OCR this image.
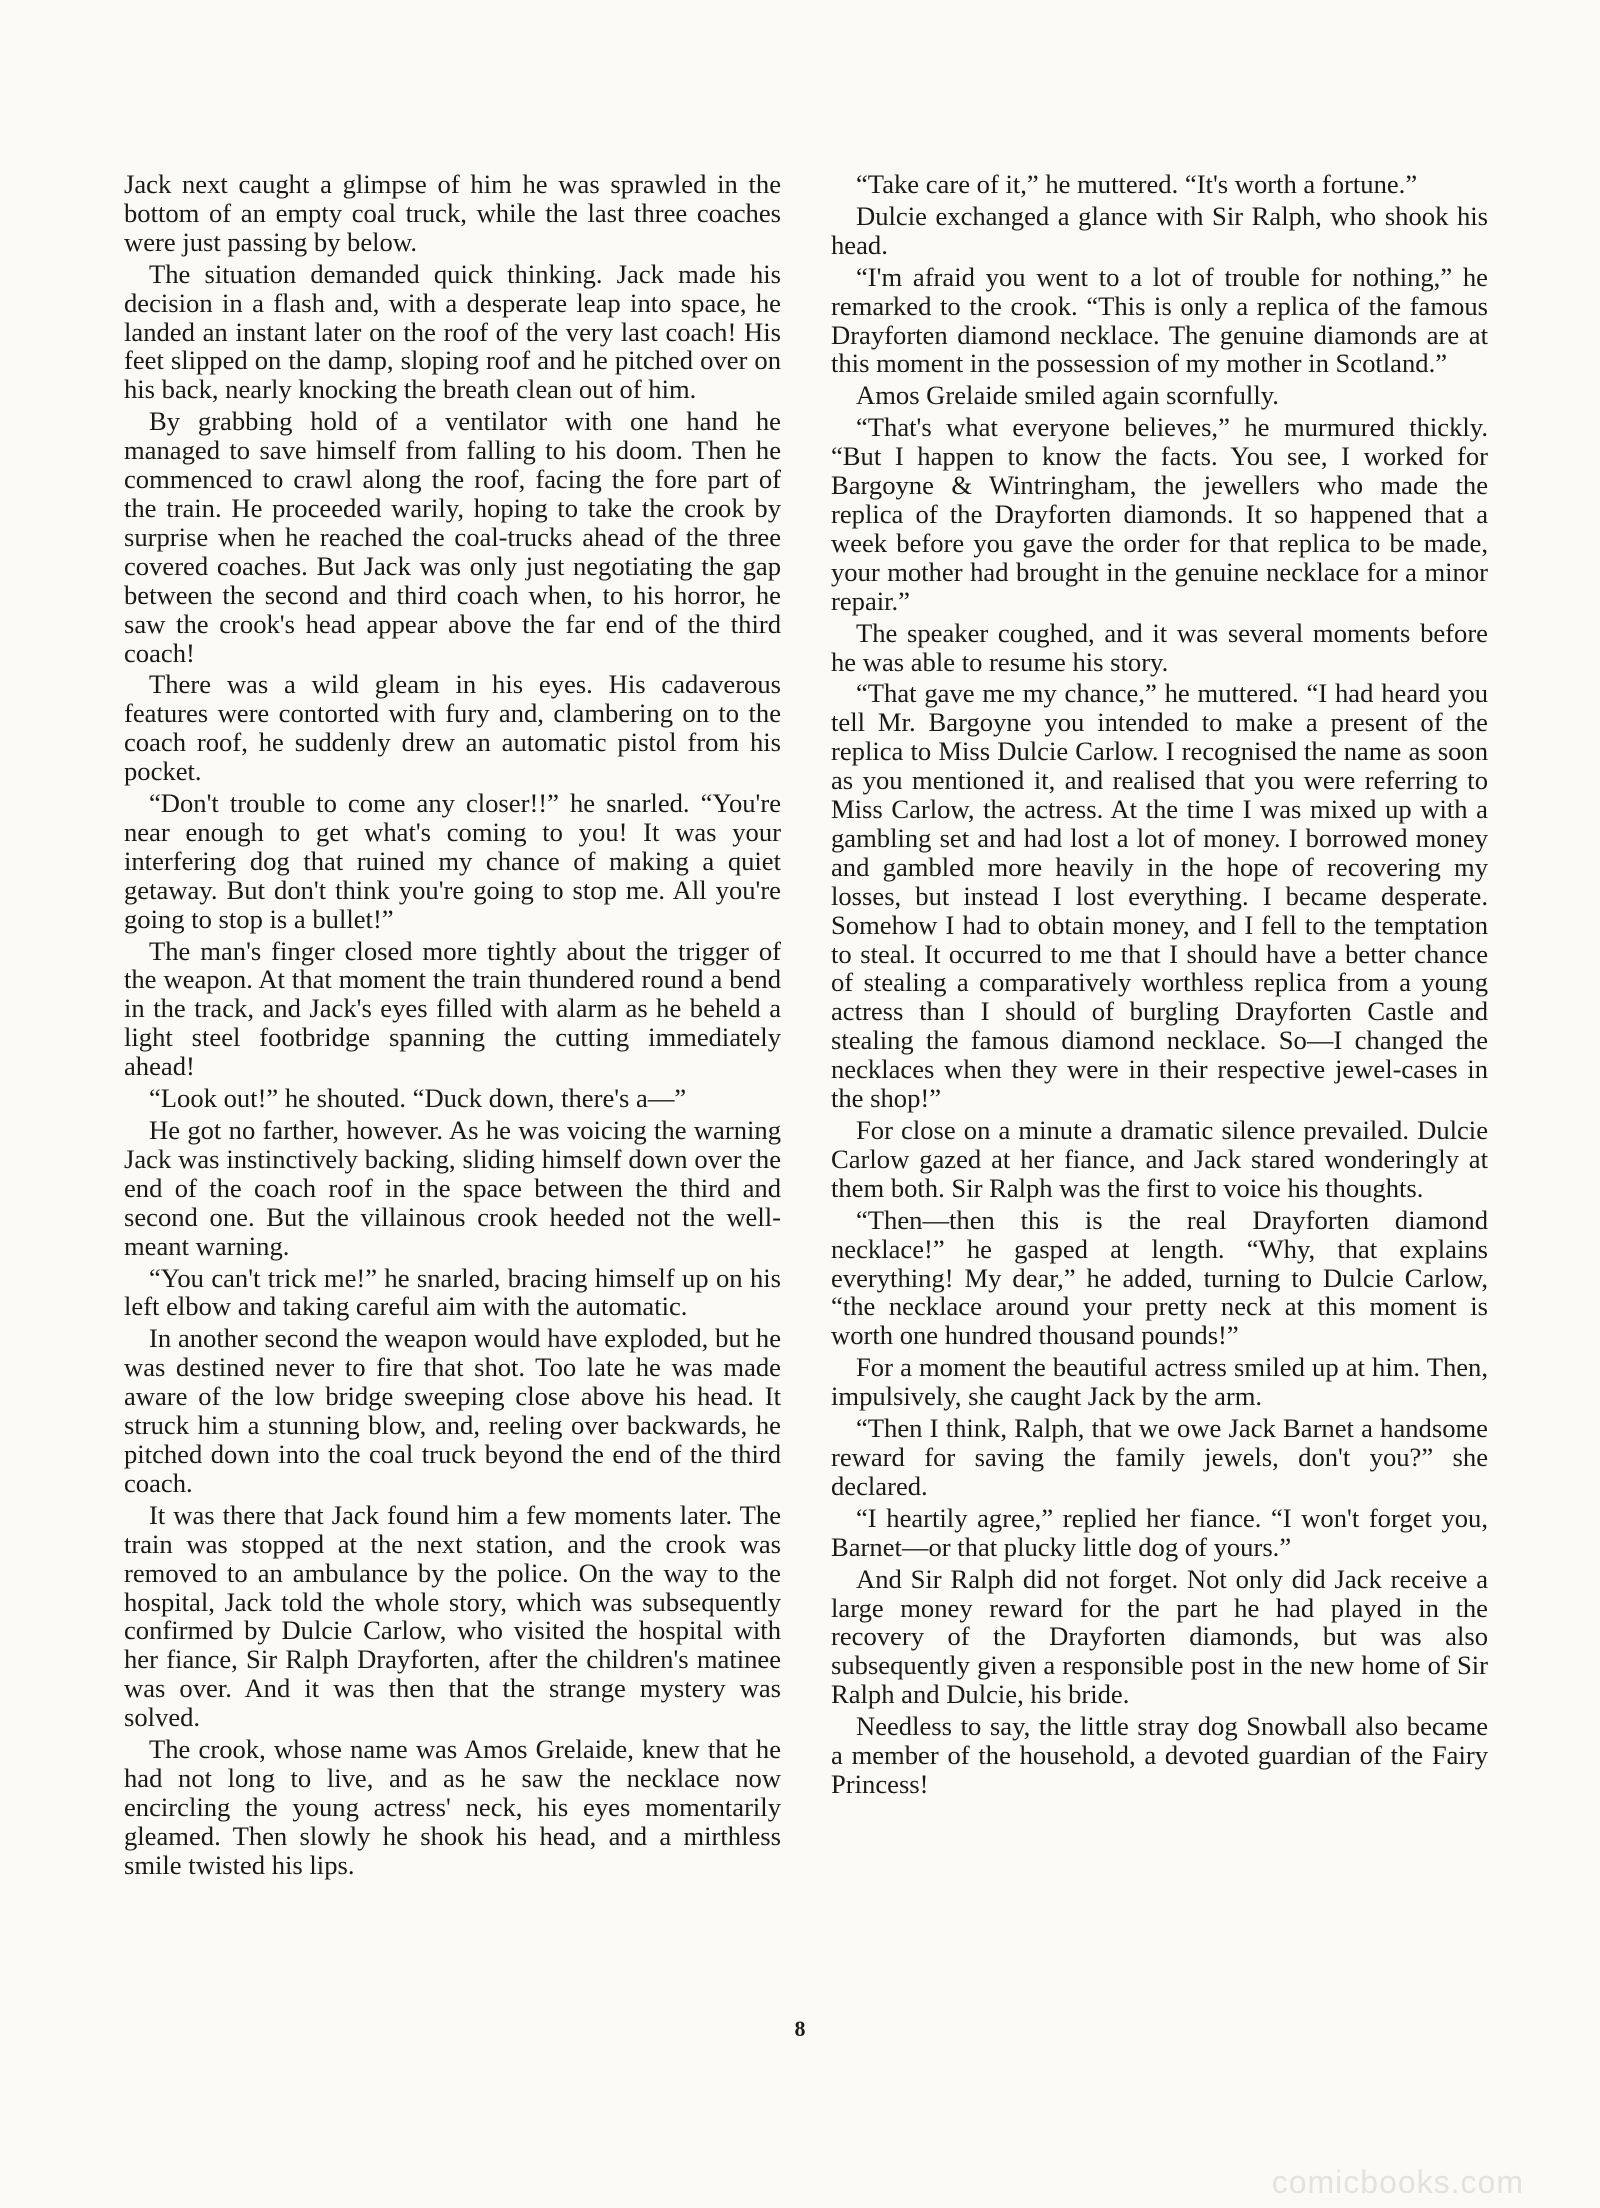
Jack next caught a glimpse of him he was sprawled in the bottom of an empty coal truck, while the last three coaches were just passing by below.

The situation demanded quick thinking. Jack made his decision in a flash and, with a desperate leap into space, he landed an instant later on the roof of the very last coach! His feet slipped on the damp, sloping roof and he pitched over on his back, nearly knocking the breath clean out of him.

By grabbing hold of a ventilator with one hand he managed to save himself from falling to his doom. Then he commenced to crawl along the roof, facing the fore part of the train. He proceeded warily, hoping to take the crook by surprise when he reached the coal-trucks ahead of the three covered coaches. But Jack was only just negotiating the gap between the second and third coach when, to his horror, he saw the crook's head appear above the far end of the third coach!

There was a wild gleam in his eyes. His cadaverous features were contorted with fury and, clambering on to the coach roof, he suddenly drew an automatic pistol from his pocket.

“Don't trouble to come any closer!!” he snarled. “You're near enough to get what's coming to you! It was your interfering dog that ruined my chance of making a quiet getaway. But don't think you're going to stop me. All you're going to stop is a bullet!”

The man's finger closed more tightly about the trigger of the weapon. At that moment the train thundered round a bend in the track, and Jack's eyes filled with alarm as he beheld a light steel footbridge spanning the cutting immediately ahead!

“Look out!” he shouted. “Duck down, there's a—”

He got no farther, however. As he was voicing the warning Jack was instinctively backing, sliding himself down over the end of the coach roof in the space between the third and second one. But the villainous crook heeded not the well-meant warning.

“You can't trick me!” he snarled, bracing himself up on his left elbow and taking careful aim with the automatic.

In another second the weapon would have exploded, but he was destined never to fire that shot. Too late he was made aware of the low bridge sweeping close above his head. It struck him a stunning blow, and, reeling over backwards, he pitched down into the coal truck beyond the end of the third coach.

It was there that Jack found him a few moments later. The train was stopped at the next station, and the crook was removed to an ambulance by the police. On the way to the hospital, Jack told the whole story, which was subsequently confirmed by Dulcie Carlow, who visited the hospital with her fiance, Sir Ralph Drayforten, after the children's matinee was over. And it was then that the strange mystery was solved.

The crook, whose name was Amos Grelaide, knew that he had not long to live, and as he saw the necklace now encircling the young actress' neck, his eyes momentarily gleamed. Then slowly he shook his head, and a mirthless smile twisted his lips.

“Take care of it,” he muttered. “It's worth a fortune.”

Dulcie exchanged a glance with Sir Ralph, who shook his head.

“I'm afraid you went to a lot of trouble for nothing,” he remarked to the crook. “This is only a replica of the famous Drayforten diamond necklace. The genuine diamonds are at this moment in the possession of my mother in Scotland.”

Amos Grelaide smiled again scornfully.

“That's what everyone believes,” he murmured thickly. “But I happen to know the facts. You see, I worked for Bargoyne & Wintringham, the jewellers who made the replica of the Drayforten diamonds. It so happened that a week before you gave the order for that replica to be made, your mother had brought in the genuine necklace for a minor repair.”

The speaker coughed, and it was several moments before he was able to resume his story.

“That gave me my chance,” he muttered. “I had heard you tell Mr. Bargoyne you intended to make a present of the replica to Miss Dulcie Carlow. I recognised the name as soon as you mentioned it, and realised that you were referring to Miss Carlow, the actress. At the time I was mixed up with a gambling set and had lost a lot of money. I borrowed money and gambled more heavily in the hope of recovering my losses, but instead I lost everything. I became desperate. Somehow I had to obtain money, and I fell to the temptation to steal. It occurred to me that I should have a better chance of stealing a comparatively worthless replica from a young actress than I should of burgling Drayforten Castle and stealing the famous diamond necklace. So—I changed the necklaces when they were in their respective jewel-cases in the shop!”

For close on a minute a dramatic silence prevailed. Dulcie Carlow gazed at her fiance, and Jack stared wonderingly at them both. Sir Ralph was the first to voice his thoughts.

“Then—then this is the real Drayforten diamond necklace!” he gasped at length. “Why, that explains everything! My dear,” he added, turning to Dulcie Carlow, “the necklace around your pretty neck at this moment is worth one hundred thousand pounds!”

For a moment the beautiful actress smiled up at him. Then, impulsively, she caught Jack by the arm.

“Then I think, Ralph, that we owe Jack Barnet a handsome reward for saving the family jewels, don't you?” she declared.

“I heartily agree,” replied her fiance. “I won't forget you, Barnet—or that plucky little dog of yours.”

And Sir Ralph did not forget. Not only did Jack receive a large money reward for the part he had played in the recovery of the Drayforten diamonds, but was also subsequently given a responsible post in the new home of Sir Ralph and Dulcie, his bride.

Needless to say, the little stray dog Snowball also became a member of the household, a devoted guardian of the Fairy Princess!

8
comicbooks.com
